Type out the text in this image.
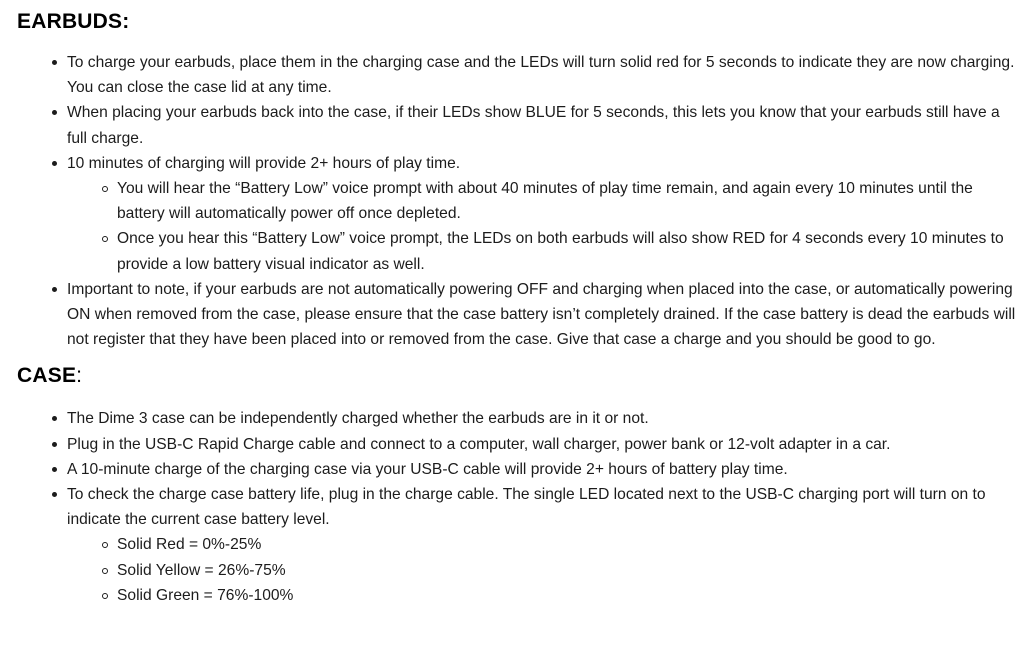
EARBUDS:
To charge your earbuds, place them in the charging case and the LEDs will turn solid red for 5 seconds to indicate they are now charging. You can close the case lid at any time.
When placing your earbuds back into the case, if their LEDs show BLUE for 5 seconds, this lets you know that your earbuds still have a full charge.
10 minutes of charging will provide 2+ hours of play time.
You will hear the “Battery Low” voice prompt with about 40 minutes of play time remain, and again every 10 minutes until the battery will automatically power off once depleted.
Once you hear this “Battery Low” voice prompt, the LEDs on both earbuds will also show RED for 4 seconds every 10 minutes to provide a low battery visual indicator as well.
Important to note, if your earbuds are not automatically powering OFF and charging when placed into the case, or automatically powering ON when removed from the case, please ensure that the case battery isn’t completely drained. If the case battery is dead the earbuds will not register that they have been placed into or removed from the case. Give that case a charge and you should be good to go.
CASE:
The Dime 3 case can be independently charged whether the earbuds are in it or not.
Plug in the USB-C Rapid Charge cable and connect to a computer, wall charger, power bank or 12-volt adapter in a car.
A 10-minute charge of the charging case via your USB-C cable will provide 2+ hours of battery play time.
To check the charge case battery life, plug in the charge cable. The single LED located next to the USB-C charging port will turn on to indicate the current case battery level.
Solid Red = 0%-25%
Solid Yellow = 26%-75%
Solid Green = 76%-100%
